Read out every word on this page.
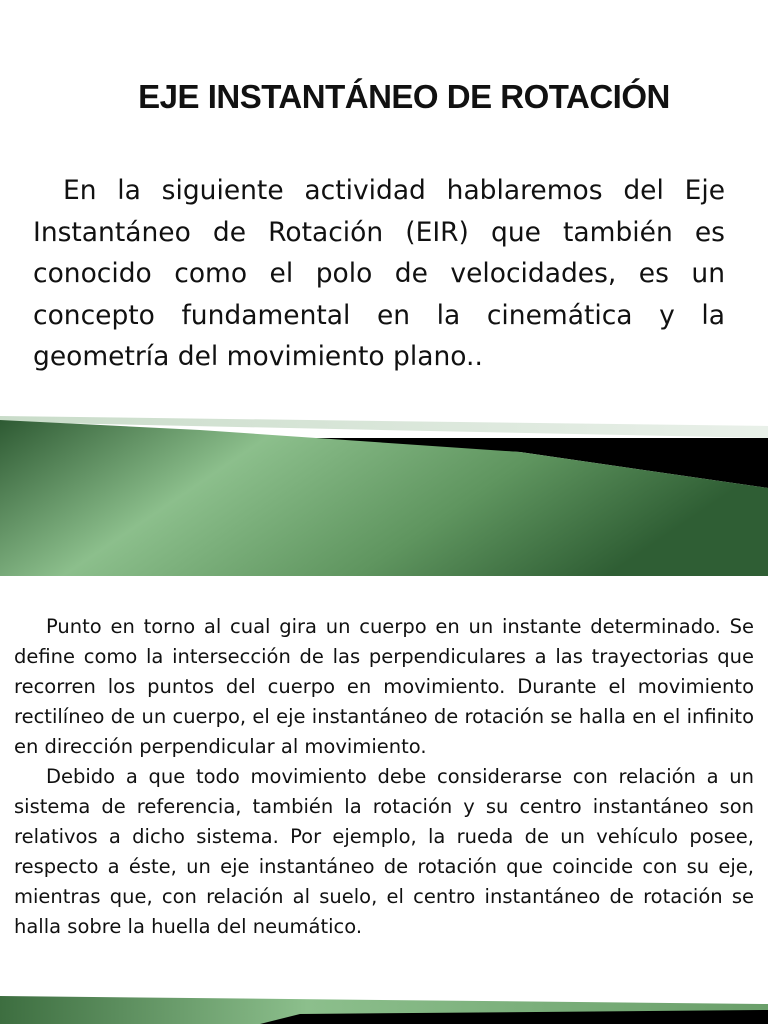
EJE INSTANTÁNEO DE ROTACIÓN

En la siguiente actividad hablaremos del Eje Instantáneo de Rotación (EIR) que también es conocido como el polo de velocidades, es un concepto fundamental en la cinemática y la geometría del movimiento plano..

Punto en torno al cual gira un cuerpo en un instante determinado. Se define como la intersección de las perpendiculares a las trayectorias que recorren los puntos del cuerpo en movimiento. Durante el movimiento rectilíneo de un cuerpo, el eje instantáneo de rotación se halla en el infinito en dirección perpendicular al movimiento.

Debido a que todo movimiento debe considerarse con relación a un sistema de referencia, también la rotación y su centro instantáneo son relativos a dicho sistema. Por ejemplo, la rueda de un vehículo posee, respecto a éste, un eje instantáneo de rotación que coincide con su eje, mientras que, con relación al suelo, el centro instantáneo de rotación se halla sobre la huella del neumático.
